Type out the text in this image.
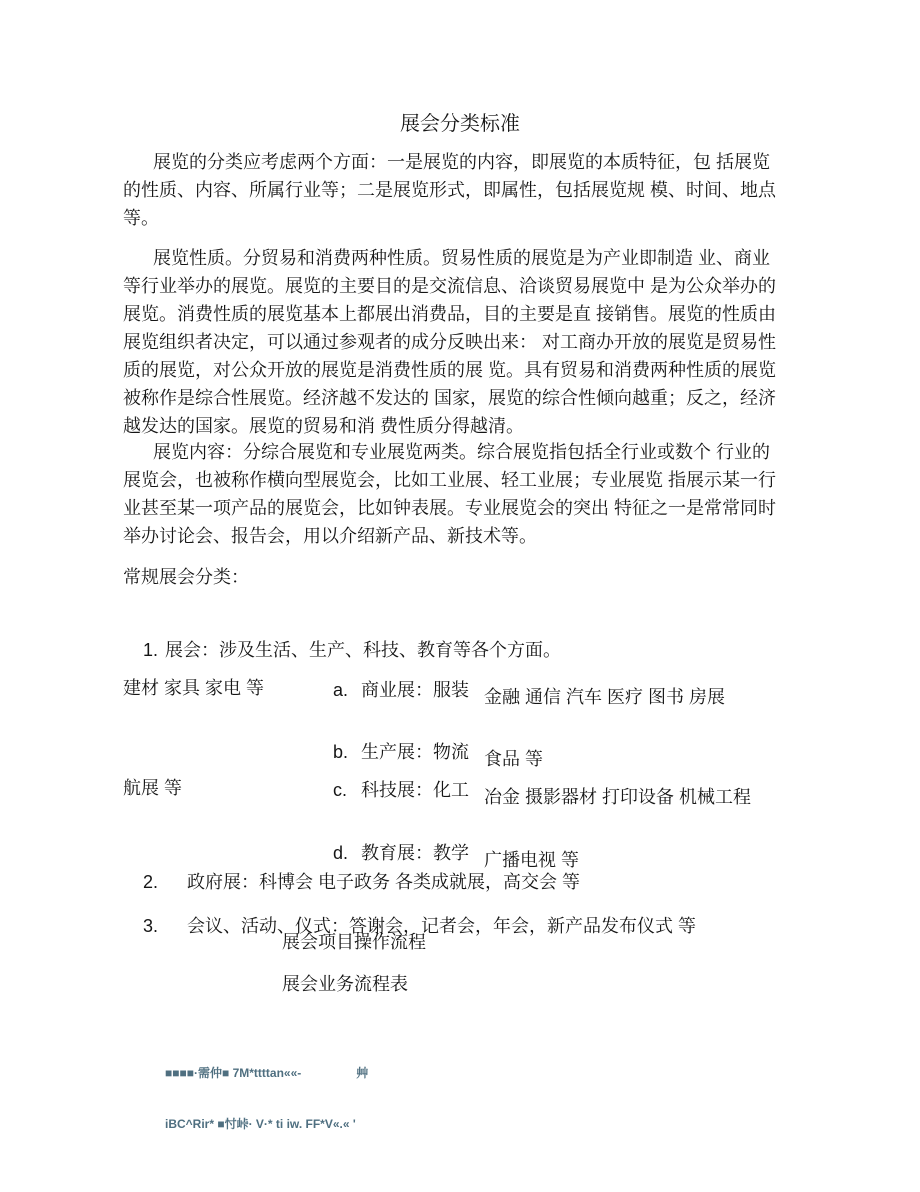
展会分类标准
展览的分类应考虑两个方面：一是展览的内容，即展览的本质特征，包 括展览
的性质、内容、所属行业等；二是展览形式，即属性，包括展览规 模、时间、地点
等。
展览性质。分贸易和消费两种性质。贸易性质的展览是为产业即制造 业、商业
等行业举办的展览。展览的主要目的是交流信息、洽谈贸易展览中 是为公众举办的
展览。消费性质的展览基本上都展出消费品，目的主要是直 接销售。展览的性质由
展览组织者决定，可以通过参观者的成分反映出来： 对工商办开放的展览是贸易性
质的展览，对公众开放的展览是消费性质的展 览。具有贸易和消费两种性质的展览
被称作是综合性展览。经济越不发达的 国家，展览的综合性倾向越重；反之，经济
越发达的国家。展览的贸易和消 费性质分得越清。
展览内容：分综合展览和专业展览两类。综合展览指包括全行业或数个 行业的
展览会，也被称作横向型展览会，比如工业展、轻工业展；专业展览 指展示某一行
业甚至某一项产品的展览会，比如钟表展。专业展览会的突出 特征之一是常常同时
举办讨论会、报告会，用以介绍新产品、新技术等。
常规展会分类：

1. 展会：涉及生活、生产、科技、教育等各个方面。

a. 商业展：服装 金融 通信 汽车 医疗 图书 房展

建材 家具 家电 等

b. 生产展：物流 食品 等

c. 科技展：化工 冶金 摄影器材 打印设备 机械工程

航展 等

d. 教育展：教学 广播电视 等

2. 政府展：科博会 电子政务 各类成就展，高交会 等

3. 会议、活动、仪式：答谢会，记者会，年会，新产品发布仪式 等

展会项目操作流程
展会业务流程表

■■■■·需仲■ 7M*ttttan««-	艸

iBC^Rir* ■忖峠· V·* ti iw. FF*V«.« '
